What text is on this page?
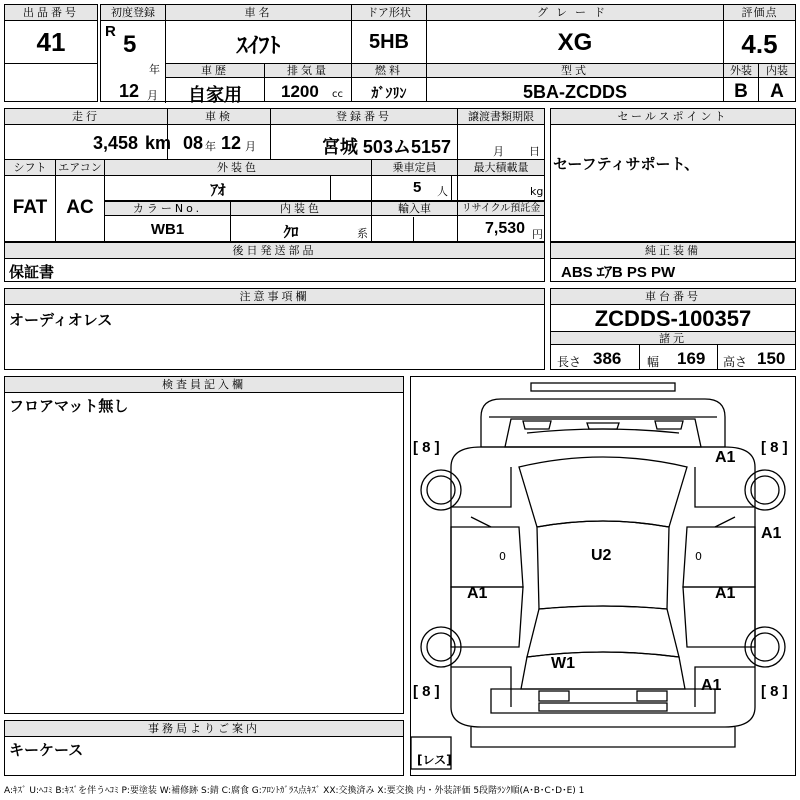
出品番号
41
初度登録	車名	ドア形状	グレード	評価点
R 5
年
12 月
ｽｲﾌﾄ	5HB	XG	4.5
車歴	排気量	燃料	型式	外装	内装
自家用	1200 cc	ｶﾞｿﾘﾝ	5BA-ZCDDS	B	A
走行	車検	登録番号	譲渡書類期限
3,458 km 08 年 12 月	宮城 503ム5157	月 日
シフト	エアコン	外装色	乗車定員	最大積載量
FAT	AC
ｱｵ	5 人	kg
カラーNo.	内装色	輸入車	リサイクル預託金
WB1	ｸﾛ	系	7,530 円
セールスポイント
セーフティサポート、
後日発送部品
保証書
純正装備
ABS ｴｱB PS PW
注意事項欄
オーディオレス
車台番号
ZCDDS-100357
諸元
長さ 386 幅 169 高さ 150
検査員記入欄
フロアマット無し
事務局よりご案内
キーケース
[ 8 ]	[ 8 ]
[ 8 ]	[ 8 ]
A1
A1
U2
A1	A1
W1
A1
0	0
[レス]
A:ｷｽﾞ U:ﾍｺﾐ B:ｷｽﾞを伴うﾍｺﾐ P:要塗装 W:補修跡 S:錆 C:腐食 G:ﾌﾛﾝﾄｶﾞﾗｽ点ｷｽﾞ XX:交換済み X:要交換 内・外装評価 5段階ﾗﾝｸ順(A･B･C･D･E) 1
